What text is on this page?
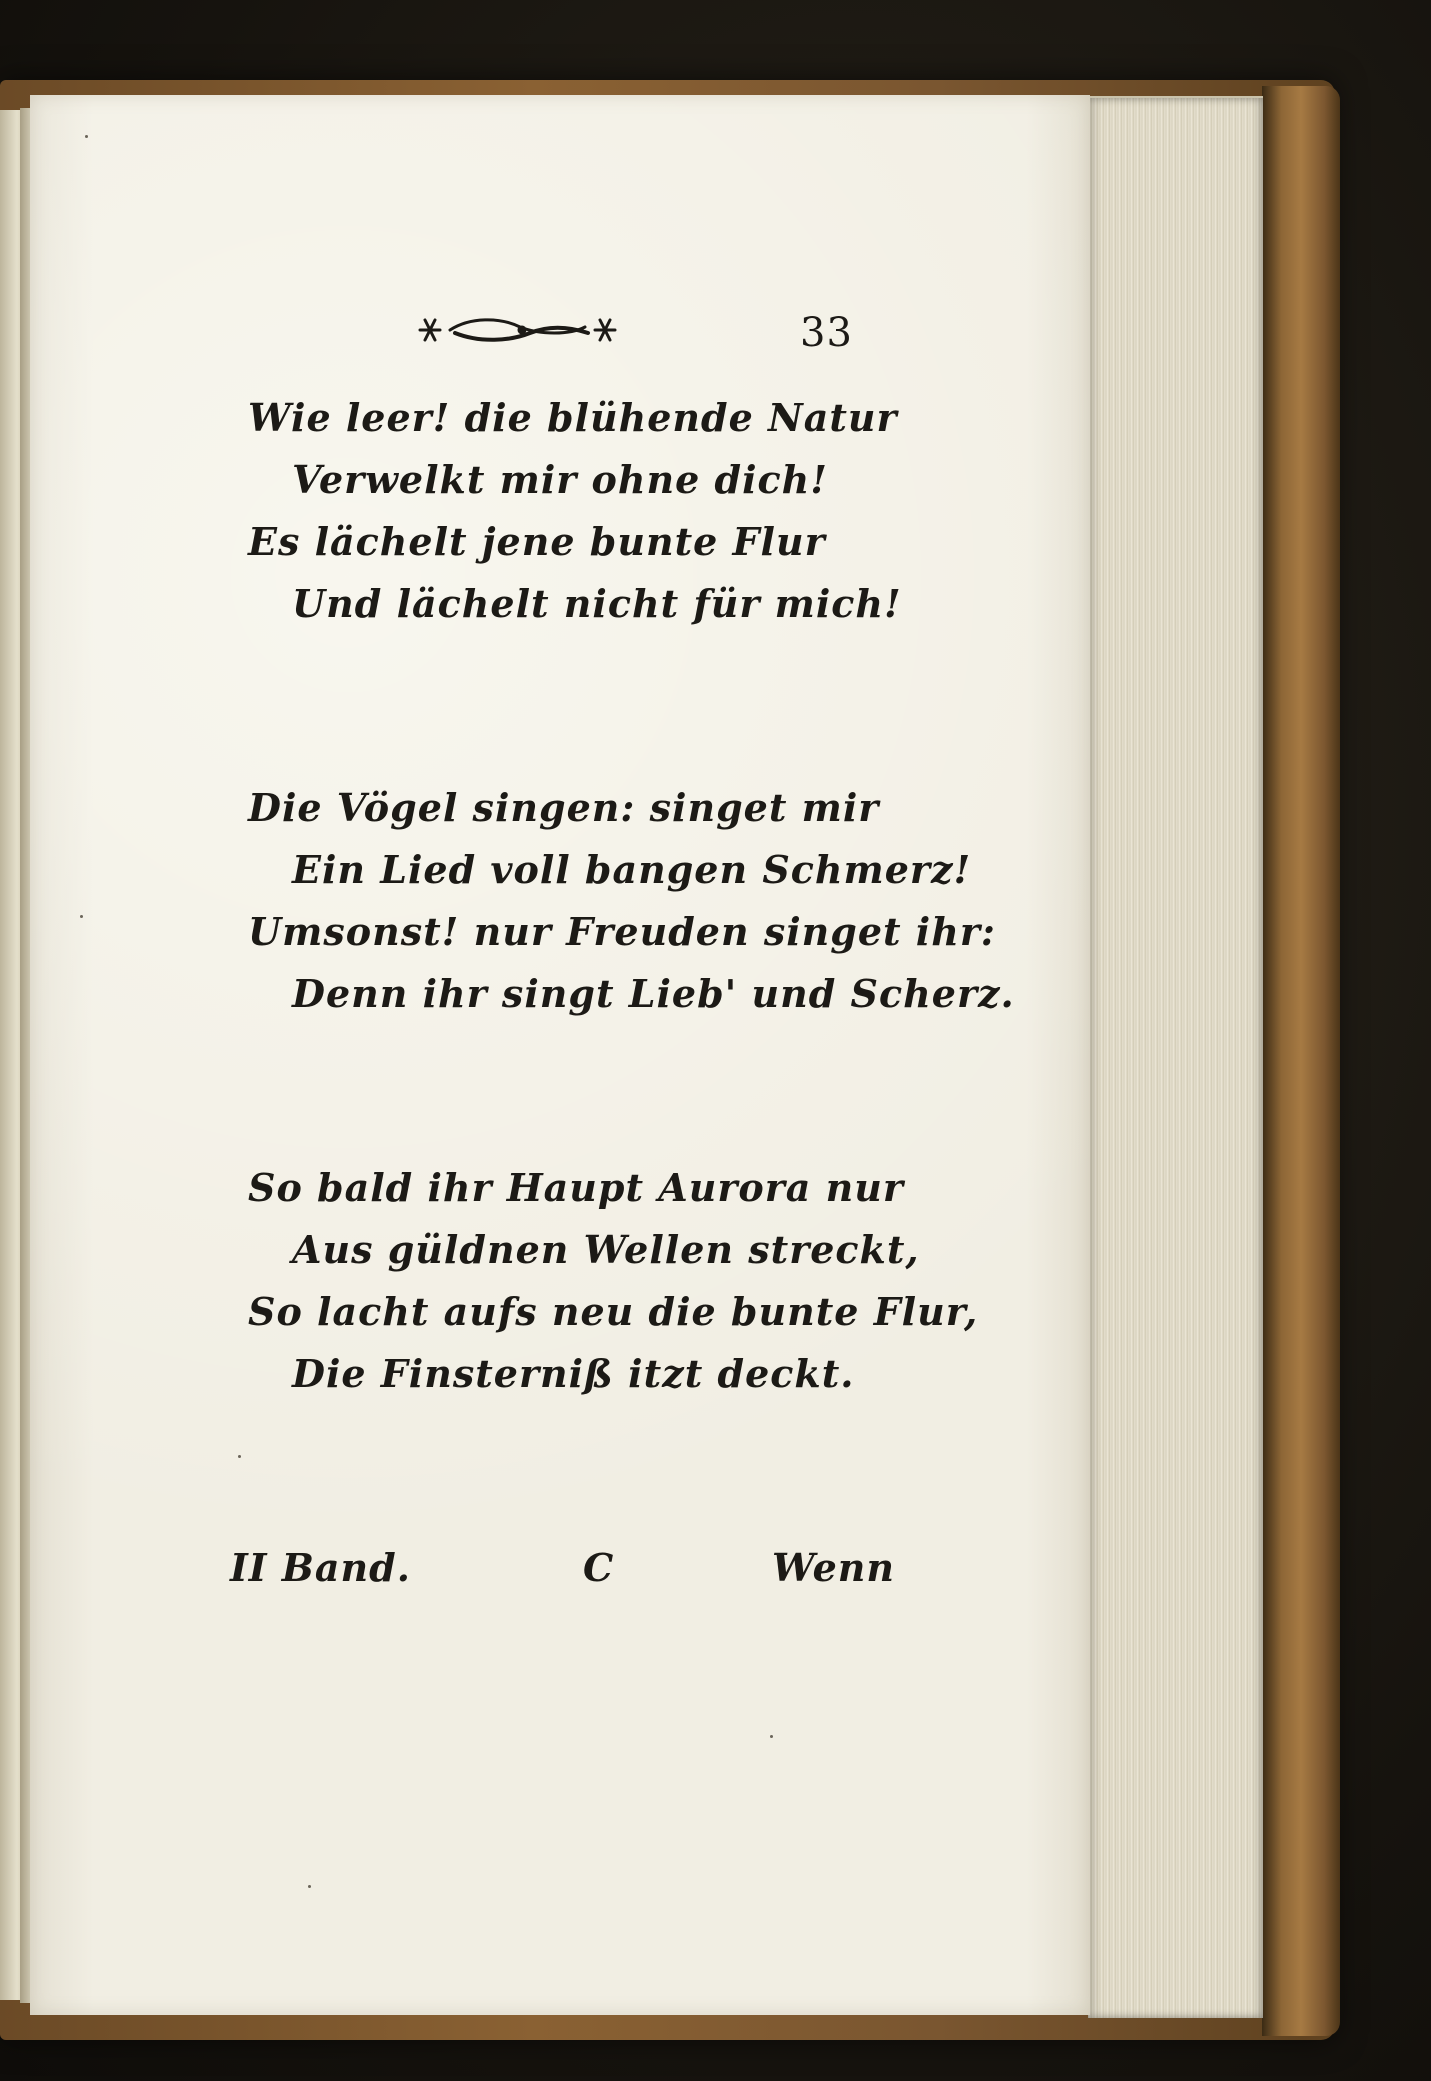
33
Wie leer! die blühende Natur
Verwelkt mir ohne dich!
Es lächelt jene bunte Flur
Und lächelt nicht für mich!
Die Vögel singen: singet mir
Ein Lied voll bangen Schmerz!
Umsonst! nur Freuden singet ihr:
Denn ihr singt Lieb' und Scherz.
So bald ihr Haupt Aurora nur
Aus güldnen Wellen streckt,
So lacht aufs neu die bunte Flur,
Die Finsterniß itzt deckt.
II Band.	C	Wenn
